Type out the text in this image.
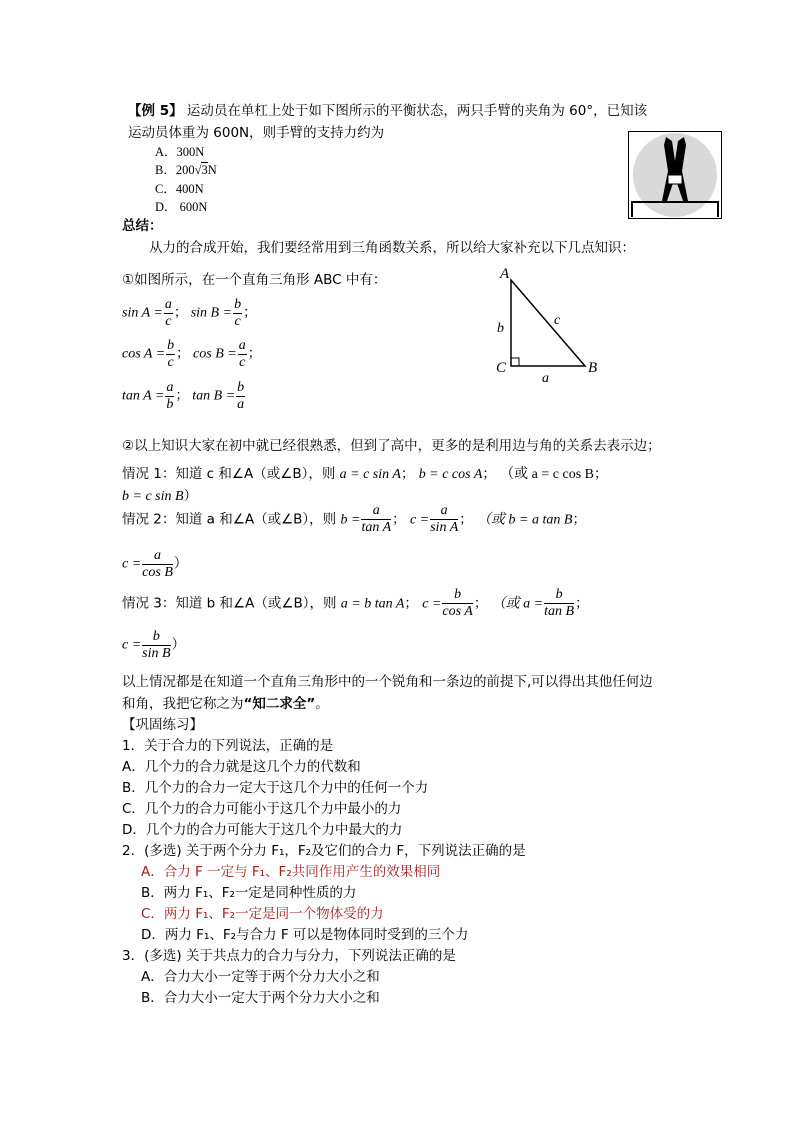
【例 5】 运动员在单杠上处于如下图所示的平衡状态，两只手臂的夹角为 60°，已知该
运动员体重为 600N，则手臂的支持力约为
A．300N
B．200√3N
C．400N
D． 600N
总结：
从力的合成开始，我们要经常用到三角函数关系，所以给大家补充以下几点知识：
①如图所示，在一个直角三角形 ABC 中有：
$\sin A = \frac{a}{c}$ ； $\sin B = \frac{b}{c}$ ；
$\cos A = \frac{b}{c}$ ； $\cos B = \frac{a}{c}$ ；
$\tan A = \frac{a}{b}$ ； $\tan B = \frac{b}{a}$
A
C	B
b
a
c
②以上知识大家在初中就已经很熟悉，但到了高中，更多的是利用边与角的关系去表示边；
情况 1：知道 c 和∠A（或∠B），则 a = c sin A； b = c cos A； （或 a = c cos B；
b = c sin B）
情况 2：知道 a 和∠A（或∠B），则 $b = \frac{a}{\text{tan A}}$ ； $c = \frac{a}{\text{sin A}}$ ； （或 b = a tan B；
$c = \frac{a}{\text{cos B}}$ ）
情况 3：知道 b 和∠A（或∠B），则 a = b tan A； $c = \frac{b}{\text{cos A}}$ ； （或 $a = \frac{b}{\text{tan B}}$ ；
$c = \frac{b}{\text{sin B}}$ ）
以上情况都是在知道一个直角三角形中的一个锐角和一条边的前提下,可以得出其他任何边
和角，我把它称之为“知二求全”。
【巩固练习】
1．关于合力的下列说法，正确的是
A．几个力的合力就是这几个力的代数和
B．几个力的合力一定大于这几个力中的任何一个力
C．几个力的合力可能小于这几个力中最小的力
D．几个力的合力可能大于这几个力中最大的力
2．(多选) 关于两个分力 F₁，F₂及它们的合力 F，下列说法正确的是
A．合力 F 一定与 F₁、F₂共同作用产生的效果相同
B．两力 F₁、F₂一定是同种性质的力
C．两力 F₁、F₂一定是同一个物体受的力
D．两力 F₁、F₂与合力 F 可以是物体同时受到的三个力
3．(多选) 关于共点力的合力与分力，下列说法正确的是
A．合力大小一定等于两个分力大小之和
B．合力大小一定大于两个分力大小之和
